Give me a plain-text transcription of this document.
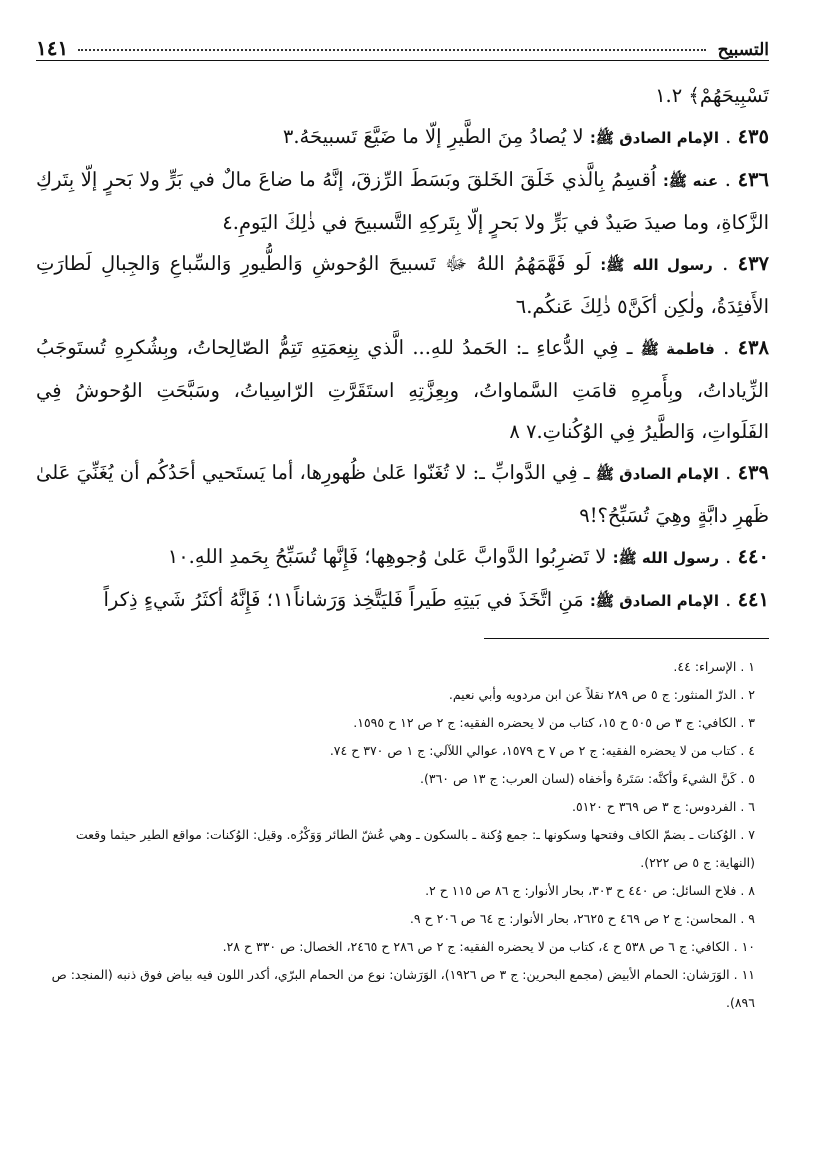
التسبيح
١٤١

تَسْبِيحَهُمْ﴾ ١.٢

٤٣٥ . الإمام الصادق ﷺ: لا يُصادُ مِنَ الطَّيرِ إلّا ما ضَيَّعَ تَسبيحَهُ.٣

٤٣٦ . عنه ﷺ: اُقسِمُ بِالَّذي خَلَقَ الخَلقَ وبَسَطَ الرِّزقَ، إنَّهُ ما ضاعَ مالٌ في بَرٍّ ولا بَحرٍ إلّا بِتَركِ الزَّكاةِ، وما صيدَ صَيدٌ في بَرٍّ ولا بَحرٍ إلّا بِتَركِهِ التَّسبيحَ في ذٰلِكَ اليَومِ.٤

٤٣٧ . رسول الله ﷺ: لَو فَهَّمَهُمُ اللهُ ﷻ تَسبيحَ الوُحوشِ وَالطُّيورِ وَالسِّباعِ وَالجِبالِ لَطارَتِ الأَفئِدَةُ، ولٰكِن أكَنَّ٥ ذٰلِكَ عَنكُم.٦

٤٣٨ . فاطمة ﷺ ـ فِي الدُّعاءِ ـ: الحَمدُ للهِ... الَّذي بِنِعمَتِهِ تَتِمُّ الصّالِحاتُ، وبِشُكرِهِ تُستَوجَبُ الزِّياداتُ، وبِأَمرِهِ قامَتِ السَّماواتُ، وبِعِزَّتِهِ استَقَرَّتِ الرّاسِياتُ، وسَبَّحَتِ الوُحوشُ فِي الفَلَواتِ، وَالطَّيرُ فِي الوُكُناتِ.٧ ٨

٤٣٩ . الإمام الصادق ﷺ ـ فِي الدَّوابِّ ـ: لا تُغَنّوا عَلىٰ ظُهورِها، أما يَستَحيي أحَدُكُم أن يُغَنِّيَ عَلىٰ ظَهرِ دابَّةٍ وهِيَ تُسَبِّحُ؟!٩

٤٤٠ . رسول الله ﷺ: لا تَضرِبُوا الدَّوابَّ عَلىٰ وُجوهِها؛ فَإِنَّها تُسَبِّحُ بِحَمدِ اللهِ.١٠

٤٤١ . الإمام الصادق ﷺ: مَنِ اتَّخَذَ في بَيتِهِ طَيراً فَليَتَّخِذ وَرَشاناً١١؛ فَإِنَّهُ أكثَرُ شَيءٍ ذِكراً

١ . الإسراء: ٤٤.

٢ . الدرّ المنثور: ج ٥ ص ٢٨٩ نقلاً عن ابن مردويه وأبي نعيم.

٣ . الكافي: ج ٣ ص ٥٠٥ ح ١٥، كتاب من لا يحضره الفقيه: ج ٢ ص ١٢ ح ١٥٩٥.

٤ . كتاب من لا يحضره الفقيه: ج ٢ ص ٧ ح ١٥٧٩، عوالي اللآلي: ج ١ ص ٣٧٠ ح ٧٤.

٥ . كَنَّ الشيءَ وأكنَّه: سَتَرهُ وأخفاه (لسان العرب: ج ١٣ ص ٣٦٠).

٦ . الفردوس: ج ٣ ص ٣٦٩ ح ٥١٢٠.

٧ . الوُكنات ـ بضمّ الكاف وفتحها وسكونها ـ: جمع وُكنة ـ بالسكون ـ وهي عُشّ الطائر وَوَكْرُه. وقيل: الوُكنات: مواقع الطير حيثما وقعت (النهاية: ج ٥ ص ٢٢٢).

٨ . فلاح السائل: ص ٤٤٠ ح ٣٠٣، بحار الأنوار: ج ٨٦ ص ١١٥ ح ٢.

٩ . المحاسن: ج ٢ ص ٤٦٩ ح ٢٦٢٥، بحار الأنوار: ج ٦٤ ص ٢٠٦ ح ٩.

١٠ . الكافي: ج ٦ ص ٥٣٨ ح ٤، كتاب من لا يحضره الفقيه: ج ٢ ص ٢٨٦ ح ٢٤٦٥، الخصال: ص ٣٣٠ ح ٢٨.

١١ . الوَرَشان: الحمام الأبيض (مجمع البحرين: ج ٣ ص ١٩٢٦)، الوَرَشان: نوع من الحمام البرّي، أكدر اللون فيه بياض فوق ذنبه (المنجد: ص ٨٩٦).
